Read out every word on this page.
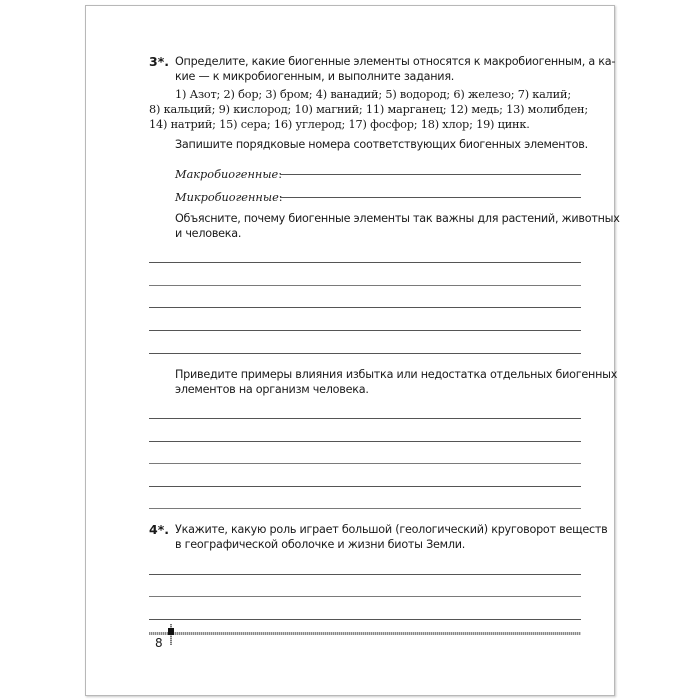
3*. Определите, какие биогенные элементы относятся к макробиогенным, а ка-
кие — к микробиогенным, и выполните задания.
1) Азот; 2) бор; 3) бром; 4) ванадий; 5) водород; 6) железо; 7) калий;
8) кальций; 9) кислород; 10) магний; 11) марганец; 12) медь; 13) молибден;
14) натрий; 15) сера; 16) углерод; 17) фосфор; 18) хлор; 19) цинк.
Запишите порядковые номера соответствующих биогенных элементов.
Макробиогенные:
Микробиогенные:
Объясните, почему биогенные элементы так важны для растений, животных
и человека.
Приведите примеры влияния избытка или недостатка отдельных биогенных
элементов на организм человека.
4*. Укажите, какую роль играет большой (геологический) круговорот веществ
в географической оболочке и жизни биоты Земли.
8
